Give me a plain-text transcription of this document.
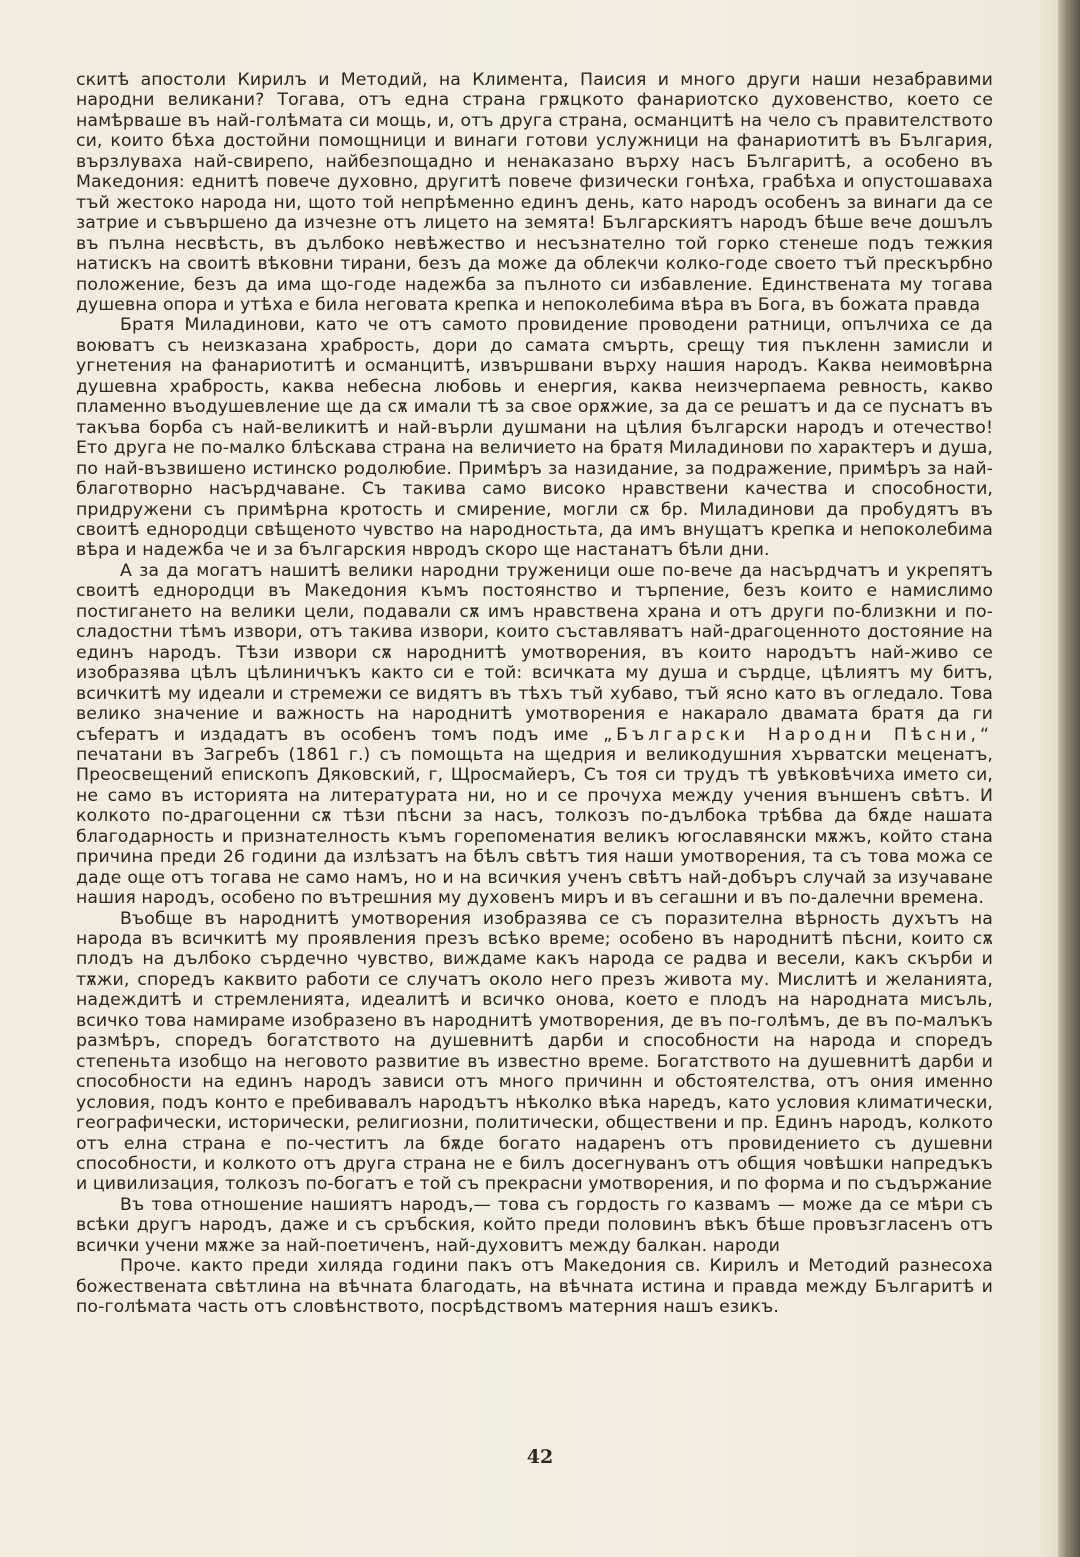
скитѣ апостоли Кирилъ и Методий, на Климента, Паисия и много други наши незабравими народни великани? Тогава, отъ една страна грѫцкото фанариотско духовенство, което се намѣрваше въ най-голѣмата си мощь, и, отъ друга страна, османцитѣ на чело съ правителството си, които бѣха достойни помощници и винаги готови услужници на фанариотитѣ въ България, вързлуваха най-свирепо, найбезпощадно и ненаказано върху насъ Българитѣ, а особено въ Македония: еднитѣ повече духовно, другитѣ повече физически гонѣха, грабѣха и опустошаваха тъй жестоко народа ни, щото той непрѣменно единъ день, като народъ особенъ за винаги да се затрие и съвършено да изчезне отъ лицето на земята! Българскиятъ народъ бѣше вече дошълъ въ пълна несвѣсть, въ дълбоко невѣжество и несъзнателно той горко стенеше подъ тежкия натискъ на своитѣ вѣковни тирани, безъ да може да облекчи колко-годе своето тъй прескърбно положение, безъ да има що-годе надежба за пълното си избавление. Единствената му тогава душевна опора и утѣха е била неговата крепка и непоколебима вѣра въ Бога, въ божата правда

Братя Миладинови, като че отъ самото провидение проводени ратници, опълчиха се да воюватъ съ неизказана храбрость, дори до самата смърть, срещу тия пъкленн замисли и угнетения на фанариотитѣ и османцитѣ, извършвани върху нашия народъ. Каква неимовѣрна душевна храбрость, каква небесна любовь и енергия, каква неизчерпаема ревность, какво пламенно въодушевление ще да сѫ имали тѣ за свое орѫжие, за да се решатъ и да се пуснатъ въ такъва борба съ най-великитѣ и най-върли душмани на цѣлия български народъ и отечество! Ето друга не по-малко блѣскава страна на величието на братя Миладинови по характеръ и душа, по най-възвишено истинско родолюбие. Примѣръ за назидание, за подражение, примѣръ за най-благотворно насърдчаване. Съ такива само високо нравствени качества и способности, придружени съ примѣрна кротость и смирение, могли сѫ бр. Миладинови да пробудятъ въ своитѣ еднородци свѣщеното чувство на народностьта, да имъ внущатъ крепка и непоколебима вѣра и надежба че и за българския нвродъ скоро ще настанатъ бѣли дни.

А за да могатъ нашитѣ велики народни труженици оше по-вече да насърдчатъ и укрепятъ своитѣ еднородци въ Македония къмъ постоянство и търпение, безъ които е намислимо постигането на велики цели, подавали сѫ имъ нравствена храна и отъ други по-близкни и по-сладостни тѣмъ извори, отъ такива извори, които съставляватъ най-драгоценното достояние на единъ народъ. Тѣзи извори сѫ народнитѣ умотворения, въ които народътъ най-живо се изобразява цѣлъ цѣлиничъкъ както си е той: всичката му душа и сърдце, цѣлиятъ му битъ, всичкитѣ му идеали и стремежи се видятъ въ тѣхъ тъй хубаво, тъй ясно като въ огледало. Това велико значение и важность на народнитѣ умотворения е накарало двамата братя да ги съfeратъ и издадатъ въ особенъ томъ подъ име „Български Народни Пѣсни,“ печатани въ Загребъ (1861 г.) съ помощьта на щедрия и великодушния хърватски меценатъ, Преосвещений епископъ Дяковский, г, Щросмайеръ, Съ тоя си трудъ тѣ увѣковѣчиха името си, не само въ историята на литературата ни, но и се прочуха между учения външенъ свѣтъ. И колкото по-драгоценни сѫ тѣзи пѣсни за насъ, толкозъ по-дълбока трѣбва да бѫде нашата благодарность и признателность къмъ горепоменатия великъ югославянски мѫжъ, който стана причина преди 26 години да излѣзатъ на бѣлъ свѣтъ тия наши умотворения, та съ това можа се даде още отъ тогава не само намъ, но и на всичкия ученъ свѣтъ най-добъръ случай за изучаване нашия народъ, особено по вътрешния му духовенъ миръ и въ сегашни и въ по-далечни времена.

Въобще въ народнитѣ умотворения изобразява се съ поразителна вѣрность духътъ на народа въ всичкитѣ му проявления презъ всѣко време; особено въ народнитѣ пѣсни, които сѫ плодъ на дълбоко сърдечно чувство, виждаме какъ народа се радва и весели, какъ скърби и тѫжи, споредъ каквито работи се случатъ около него презъ живота му. Мислитѣ и желанията, надеждитѣ и стремленията, идеалитѣ и всичко онова, което е плодъ на народната мисъль, всичко това намираме изобразено въ народнитѣ умотворения, де въ по-голѣмъ, де въ по-малъкъ размѣръ, споредъ богатството на душевнитѣ дарби и способности на народа и споредъ степеньта изобщо на неговото развитие въ известно време. Богатството на душевнитѣ дарби и способности на единъ народъ зависи отъ много причинн и обстоятелства, отъ ония именно условия, подъ конто е пребивавалъ народътъ нѣколко вѣка наредъ, като условия климатически, географически, исторически, религиозни, политически, обществени и пр. Единъ народъ, колкото отъ елна страна е по-честитъ ла бѫде богато надаренъ отъ провидението съ душевни способности, и колкото отъ друга страна не е билъ досегнуванъ отъ общия човѣшки напредъкъ и цивилизация, толкозъ по-богатъ е той съ прекрасни умотворения, и по форма и по съдържание

Въ това отношение нашиятъ народъ,— това съ гордость го казвамъ — може да се мѣри съ всѣки другъ народъ, даже и съ сръбския, който преди половинъ вѣкъ бѣше провъзгласенъ отъ всички учени мѫже за най-поетиченъ, най-духовитъ между балкан. народи

Проче. както преди хиляда години пакъ отъ Македония св. Кирилъ и Методий разнесоха божествената свѣтлина на вѣчната благодать, на вѣчната истина и правда между Българитѣ и по-голѣмата часть отъ словѣнството, посрѣдствомъ матерния нашъ езикъ.

42
